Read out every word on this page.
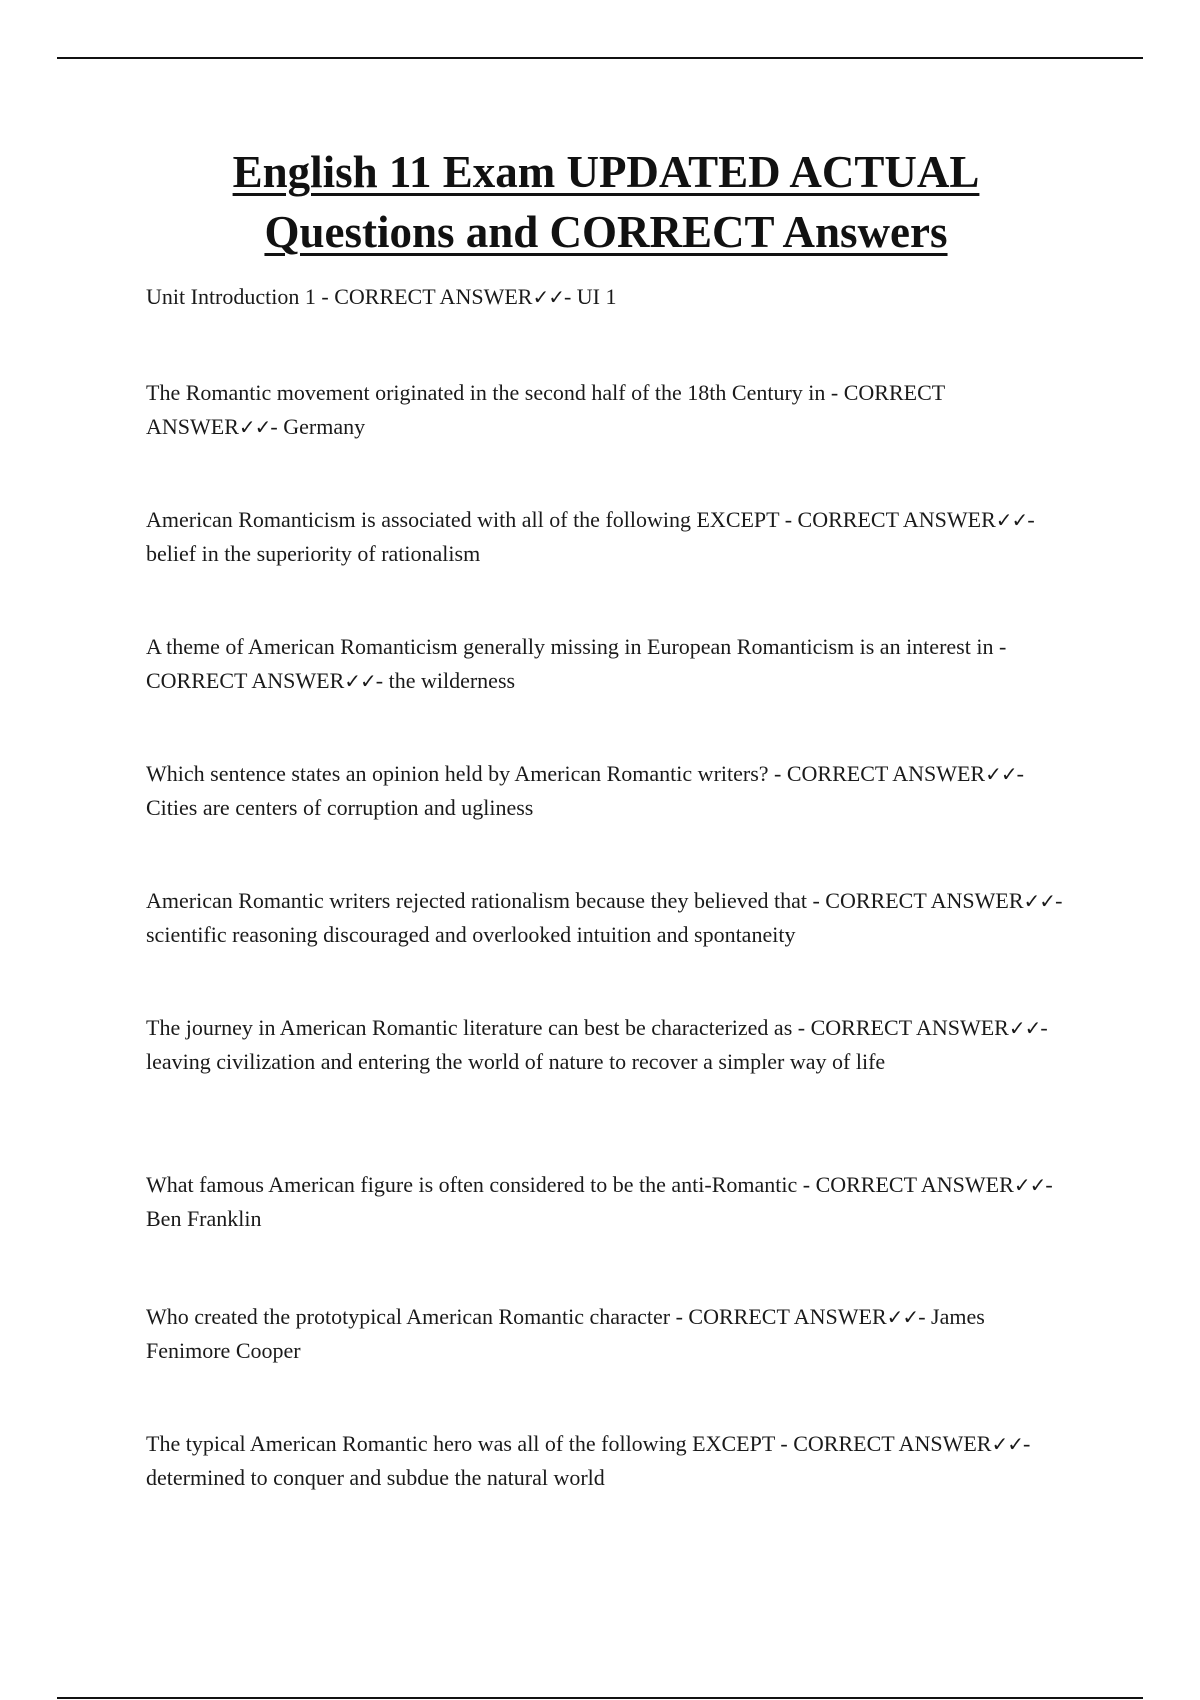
English 11 Exam UPDATED ACTUAL
Questions and CORRECT Answers
Unit Introduction 1 - CORRECT ANSWER✓✓- UI 1
The Romantic movement originated in the second half of the 18th Century in - CORRECT ANSWER✓✓- Germany
American Romanticism is associated with all of the following EXCEPT - CORRECT ANSWER✓✓- belief in the superiority of rationalism
A theme of American Romanticism generally missing in European Romanticism is an interest in - CORRECT ANSWER✓✓- the wilderness
Which sentence states an opinion held by American Romantic writers? - CORRECT ANSWER✓✓- Cities are centers of corruption and ugliness
American Romantic writers rejected rationalism because they believed that - CORRECT ANSWER✓✓- scientific reasoning discouraged and overlooked intuition and spontaneity
The journey in American Romantic literature can best be characterized as - CORRECT ANSWER✓✓- leaving civilization and entering the world of nature to recover a simpler way of life
What famous American figure is often considered to be the anti-Romantic - CORRECT ANSWER✓✓- Ben Franklin
Who created the prototypical American Romantic character - CORRECT ANSWER✓✓- James Fenimore Cooper
The typical American Romantic hero was all of the following EXCEPT - CORRECT ANSWER✓✓- determined to conquer and subdue the natural world
